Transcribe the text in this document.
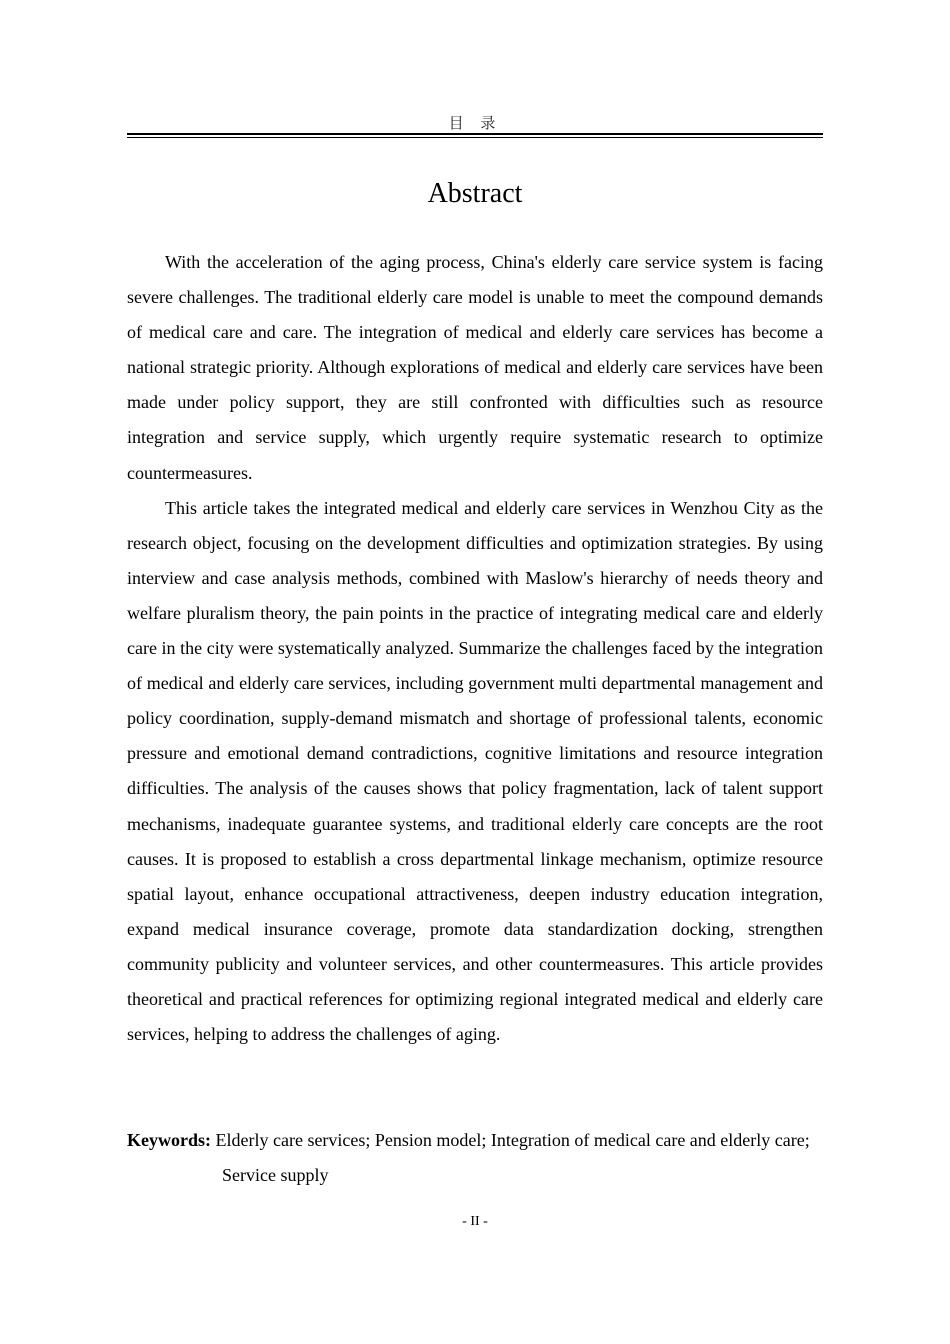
目 录
Abstract

With the acceleration of the aging process, China's elderly care service system is facing severe challenges. The traditional elderly care model is unable to meet the compound demands of medical care and care. The integration of medical and elderly care services has become a national strategic priority. Although explorations of medical and elderly care services have been made under policy support, they are still confronted with difficulties such as resource integration and service supply, which urgently require systematic research to optimize countermeasures.

This article takes the integrated medical and elderly care services in Wenzhou City as the research object, focusing on the development difficulties and optimization strategies. By using interview and case analysis methods, combined with Maslow's hierarchy of needs theory and welfare pluralism theory, the pain points in the practice of integrating medical care and elderly care in the city were systematically analyzed. Summarize the challenges faced by the integration of medical and elderly care services, including government multi departmental management and policy coordination, supply-demand mismatch and shortage of professional talents, economic pressure and emotional demand contradictions, cognitive limitations and resource integration difficulties. The analysis of the causes shows that policy fragmentation, lack of talent support mechanisms, inadequate guarantee systems, and traditional elderly care concepts are the root causes. It is proposed to establish a cross departmental linkage mechanism, optimize resource spatial layout, enhance occupational attractiveness, deepen industry education integration, expand medical insurance coverage, promote data standardization docking, strengthen community publicity and volunteer services, and other countermeasures. This article provides theoretical and practical references for optimizing regional integrated medical and elderly care services, helping to address the challenges of aging.

Keywords: Elderly care services; Pension model; Integration of medical care and elderly care; Service supply
- II -
